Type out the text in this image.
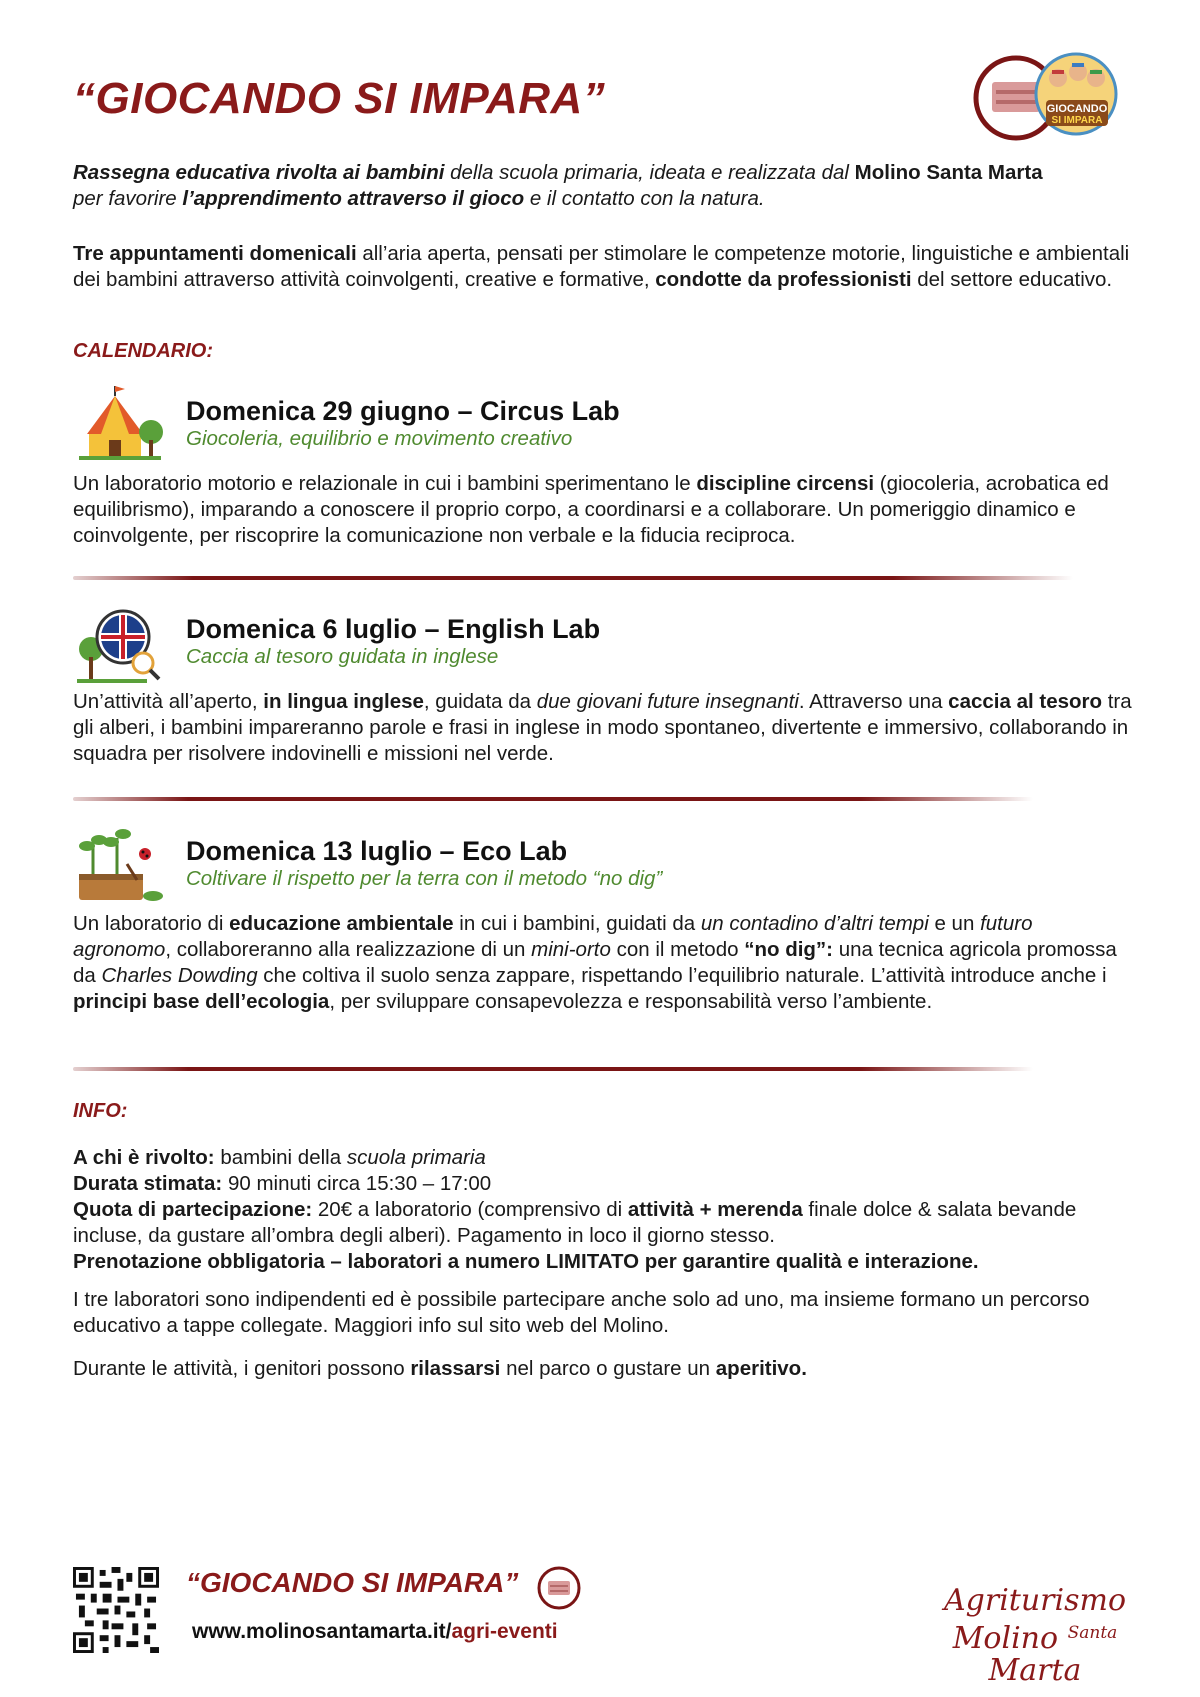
“GIOCANDO SI IMPARA”	GIOCANDO
SI IMPARA
Rassegna educativa rivolta ai bambini della scuola primaria, ideata e realizzata dal Molino Santa Marta
per favorire l’apprendimento attraverso il gioco e il contatto con la natura.
Tre appuntamenti domenicali all’aria aperta, pensati per stimolare le competenze motorie, linguistiche e ambientali dei bambini attraverso attività coinvolgenti, creative e formative, condotte da professionisti del settore educativo.
CALENDARIO:
Domenica 29 giugno – Circus Lab
Giocoleria, equilibrio e movimento creativo
Un laboratorio motorio e relazionale in cui i bambini sperimentano le discipline circensi (giocoleria, acrobatica ed equilibrismo), imparando a conoscere il proprio corpo, a coordinarsi e a collaborare. Un pomeriggio dinamico e coinvolgente, per riscoprire la comunicazione non verbale e la fiducia reciproca.
Domenica 6 luglio – English Lab
Caccia al tesoro guidata in inglese
Un’attività all’aperto, in lingua inglese, guidata da due giovani future insegnanti. Attraverso una caccia al tesoro tra gli alberi, i bambini impareranno parole e frasi in inglese in modo spontaneo, divertente e immersivo, collaborando in squadra per risolvere indovinelli e missioni nel verde.
Domenica 13 luglio – Eco Lab
Coltivare il rispetto per la terra con il metodo “no dig”
Un laboratorio di educazione ambientale in cui i bambini, guidati da un contadino d’altri tempi e un futuro agronomo, collaboreranno alla realizzazione di un mini-orto con il metodo “no dig”: una tecnica agricola promossa da Charles Dowding che coltiva il suolo senza zappare, rispettando l’equilibrio naturale. L’attività introduce anche i principi base dell’ecologia, per sviluppare consapevolezza e responsabilità verso l’ambiente.
INFO:

A chi è rivolto: bambini della scuola primaria

Durata stimata: 90 minuti circa 15:30 – 17:00

Quota di partecipazione: 20€ a laboratorio (comprensivo di attività + merenda finale dolce & salata bevande incluse, da gustare all’ombra degli alberi). Pagamento in loco il giorno stesso.

Prenotazione obbligatoria – laboratori a numero LIMITATO per garantire qualità e interazione.

I tre laboratori sono indipendenti ed è possibile partecipare anche solo ad uno, ma insieme formano un percorso educativo a tappe collegate. Maggiori info sul sito web del Molino.
Durante le attività, i genitori possono rilassarsi nel parco o gustare un aperitivo.
“GIOCANDO SI IMPARA”
www.molinosantamarta.it/agri-eventi
Agriturismo
Molino $^{Santa}$ Marta
